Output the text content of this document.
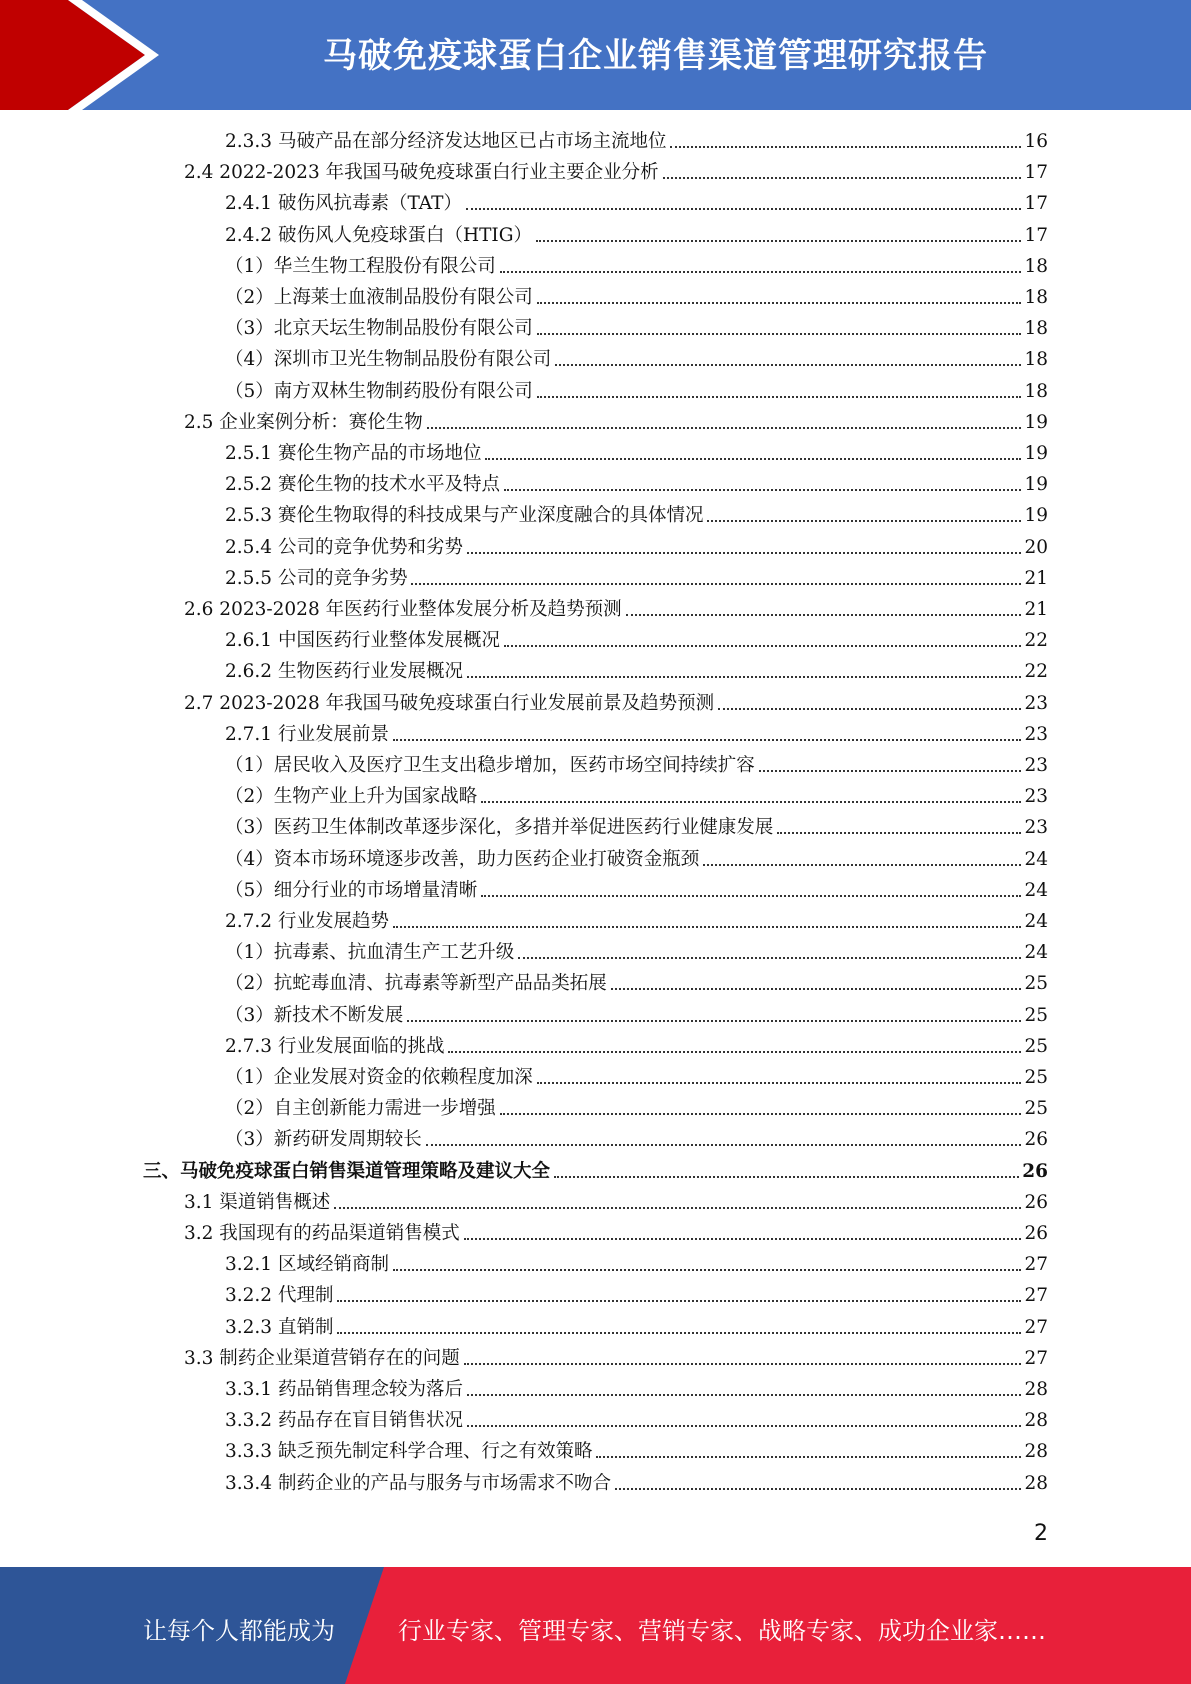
马破免疫球蛋白企业销售渠道管理研究报告
2.3.3 马破产品在部分经济发达地区已占市场主流地位	16
2.4 2022-2023 年我国马破免疫球蛋白行业主要企业分析	17
2.4.1 破伤风抗毒素（TAT）	17
2.4.2 破伤风人免疫球蛋白（HTIG）	17
（1）华兰生物工程股份有限公司	18
（2）上海莱士血液制品股份有限公司	18
（3）北京天坛生物制品股份有限公司	18
（4）深圳市卫光生物制品股份有限公司	18
（5）南方双林生物制药股份有限公司	18
2.5 企业案例分析：赛伦生物	19
2.5.1 赛伦生物产品的市场地位	19
2.5.2 赛伦生物的技术水平及特点	19
2.5.3 赛伦生物取得的科技成果与产业深度融合的具体情况	19
2.5.4 公司的竞争优势和劣势	20
2.5.5 公司的竞争劣势	21
2.6 2023-2028 年医药行业整体发展分析及趋势预测	21
2.6.1 中国医药行业整体发展概况	22
2.6.2 生物医药行业发展概况	22
2.7 2023-2028 年我国马破免疫球蛋白行业发展前景及趋势预测	23
2.7.1 行业发展前景	23
（1）居民收入及医疗卫生支出稳步增加，医药市场空间持续扩容	23
（2）生物产业上升为国家战略	23
（3）医药卫生体制改革逐步深化，多措并举促进医药行业健康发展	23
（4）资本市场环境逐步改善，助力医药企业打破资金瓶颈	24
（5）细分行业的市场增量清晰	24
2.7.2 行业发展趋势	24
（1）抗毒素、抗血清生产工艺升级	24
（2）抗蛇毒血清、抗毒素等新型产品品类拓展	25
（3）新技术不断发展	25
2.7.3 行业发展面临的挑战	25
（1）企业发展对资金的依赖程度加深	25
（2）自主创新能力需进一步增强	25
（3）新药研发周期较长	26
三、马破免疫球蛋白销售渠道管理策略及建议大全	26
3.1 渠道销售概述	26
3.2 我国现有的药品渠道销售模式	26
3.2.1 区域经销商制	27
3.2.2 代理制	27
3.2.3 直销制	27
3.3 制药企业渠道营销存在的问题	27
3.3.1 药品销售理念较为落后	28
3.3.2 药品存在盲目销售状况	28
3.3.3 缺乏预先制定科学合理、行之有效策略	28
3.3.4 制药企业的产品与服务与市场需求不吻合	28
2
让每个人都能成为	行业专家、管理专家、营销专家、战略专家、成功企业家……
